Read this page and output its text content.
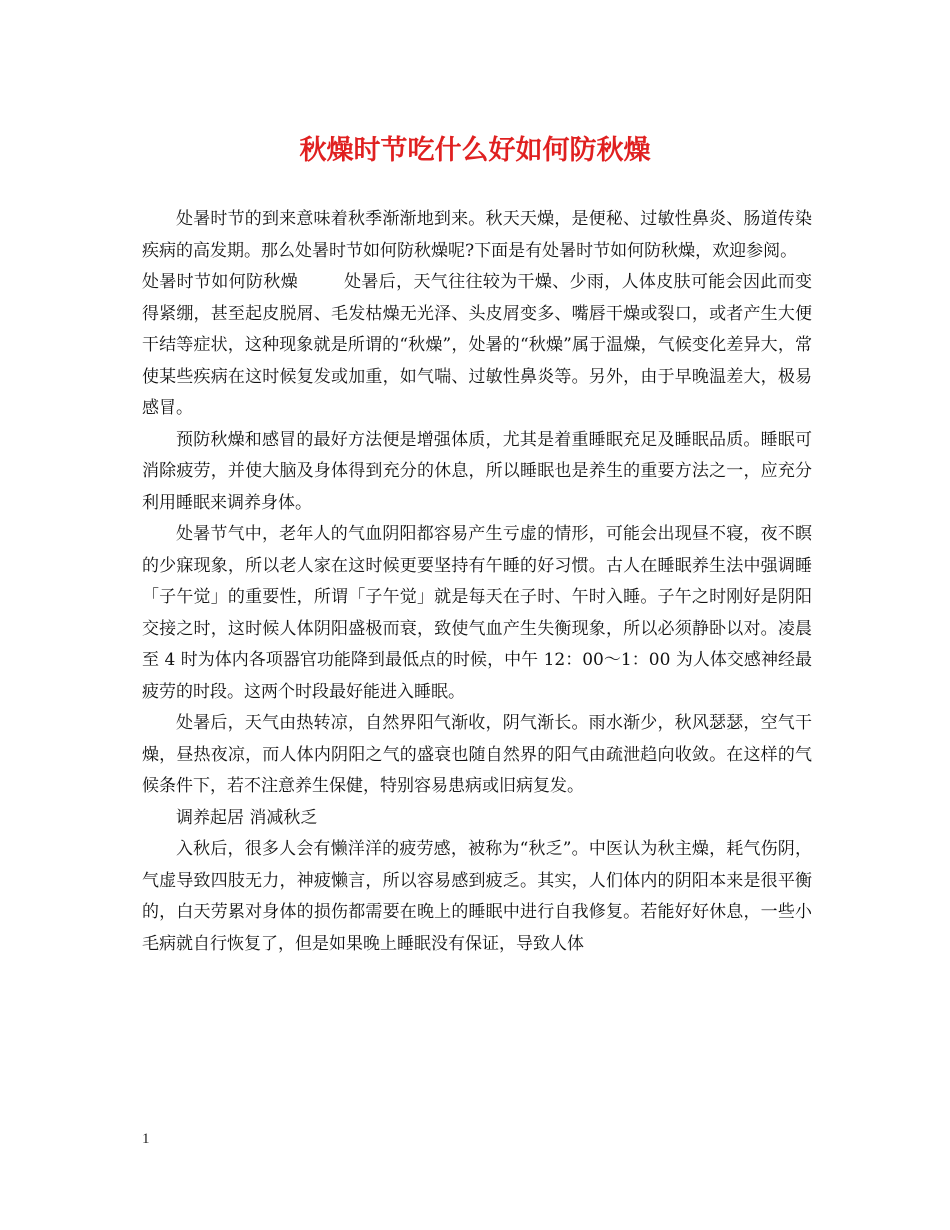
秋燥时节吃什么好如何防秋燥

处暑时节的到来意味着秋季渐渐地到来。秋天天燥，是便秘、过敏性鼻炎、肠道传染疾病的高发期。那么处暑时节如何防秋燥呢?下面是有处暑时节如何防秋燥，欢迎参阅。

处暑时节如何防秋燥	处暑后，天气往往较为干燥、少雨，人体皮肤可能会因此而变得紧绷，甚至起皮脱屑、毛发枯燥无光泽、头皮屑变多、嘴唇干燥或裂口，或者产生大便干结等症状，这种现象就是所谓的“秋燥”，处暑的“秋燥”属于温燥，气候变化差异大，常使某些疾病在这时候复发或加重，如气喘、过敏性鼻炎等。另外，由于早晚温差大，极易感冒。

预防秋燥和感冒的最好方法便是增强体质，尤其是着重睡眠充足及睡眠品质。睡眠可消除疲劳，并使大脑及身体得到充分的休息，所以睡眠也是养生的重要方法之一，应充分利用睡眠来调养身体。

处暑节气中，老年人的气血阴阳都容易产生亏虚的情形，可能会出现昼不寝，夜不瞑的少寐现象，所以老人家在这时候更要坚持有午睡的好习惯。古人在睡眠养生法中强调睡「子午觉」的重要性，所谓「子午觉」就是每天在子时、午时入睡。子午之时刚好是阴阳交接之时，这时候人体阴阳盛极而衰，致使气血产生失衡现象，所以必须静卧以对。凌晨至 4 时为体内各项器官功能降到最低点的时候，中午 12：00～1：00 为人体交感神经最疲劳的时段。这两个时段最好能进入睡眠。

处暑后，天气由热转凉，自然界阳气渐收，阴气渐长。雨水渐少，秋风瑟瑟，空气干燥，昼热夜凉，而人体内阴阳之气的盛衰也随自然界的阳气由疏泄趋向收敛。在这样的气候条件下，若不注意养生保健，特别容易患病或旧病复发。

调养起居 消减秋乏

入秋后，很多人会有懒洋洋的疲劳感，被称为“秋乏”。中医认为秋主燥，耗气伤阴，气虚导致四肢无力，神疲懒言，所以容易感到疲乏。其实，人们体内的阴阳本来是很平衡的，白天劳累对身体的损伤都需要在晚上的睡眠中进行自我修复。若能好好休息，一些小毛病就自行恢复了，但是如果晚上睡眠没有保证，导致人体

1
